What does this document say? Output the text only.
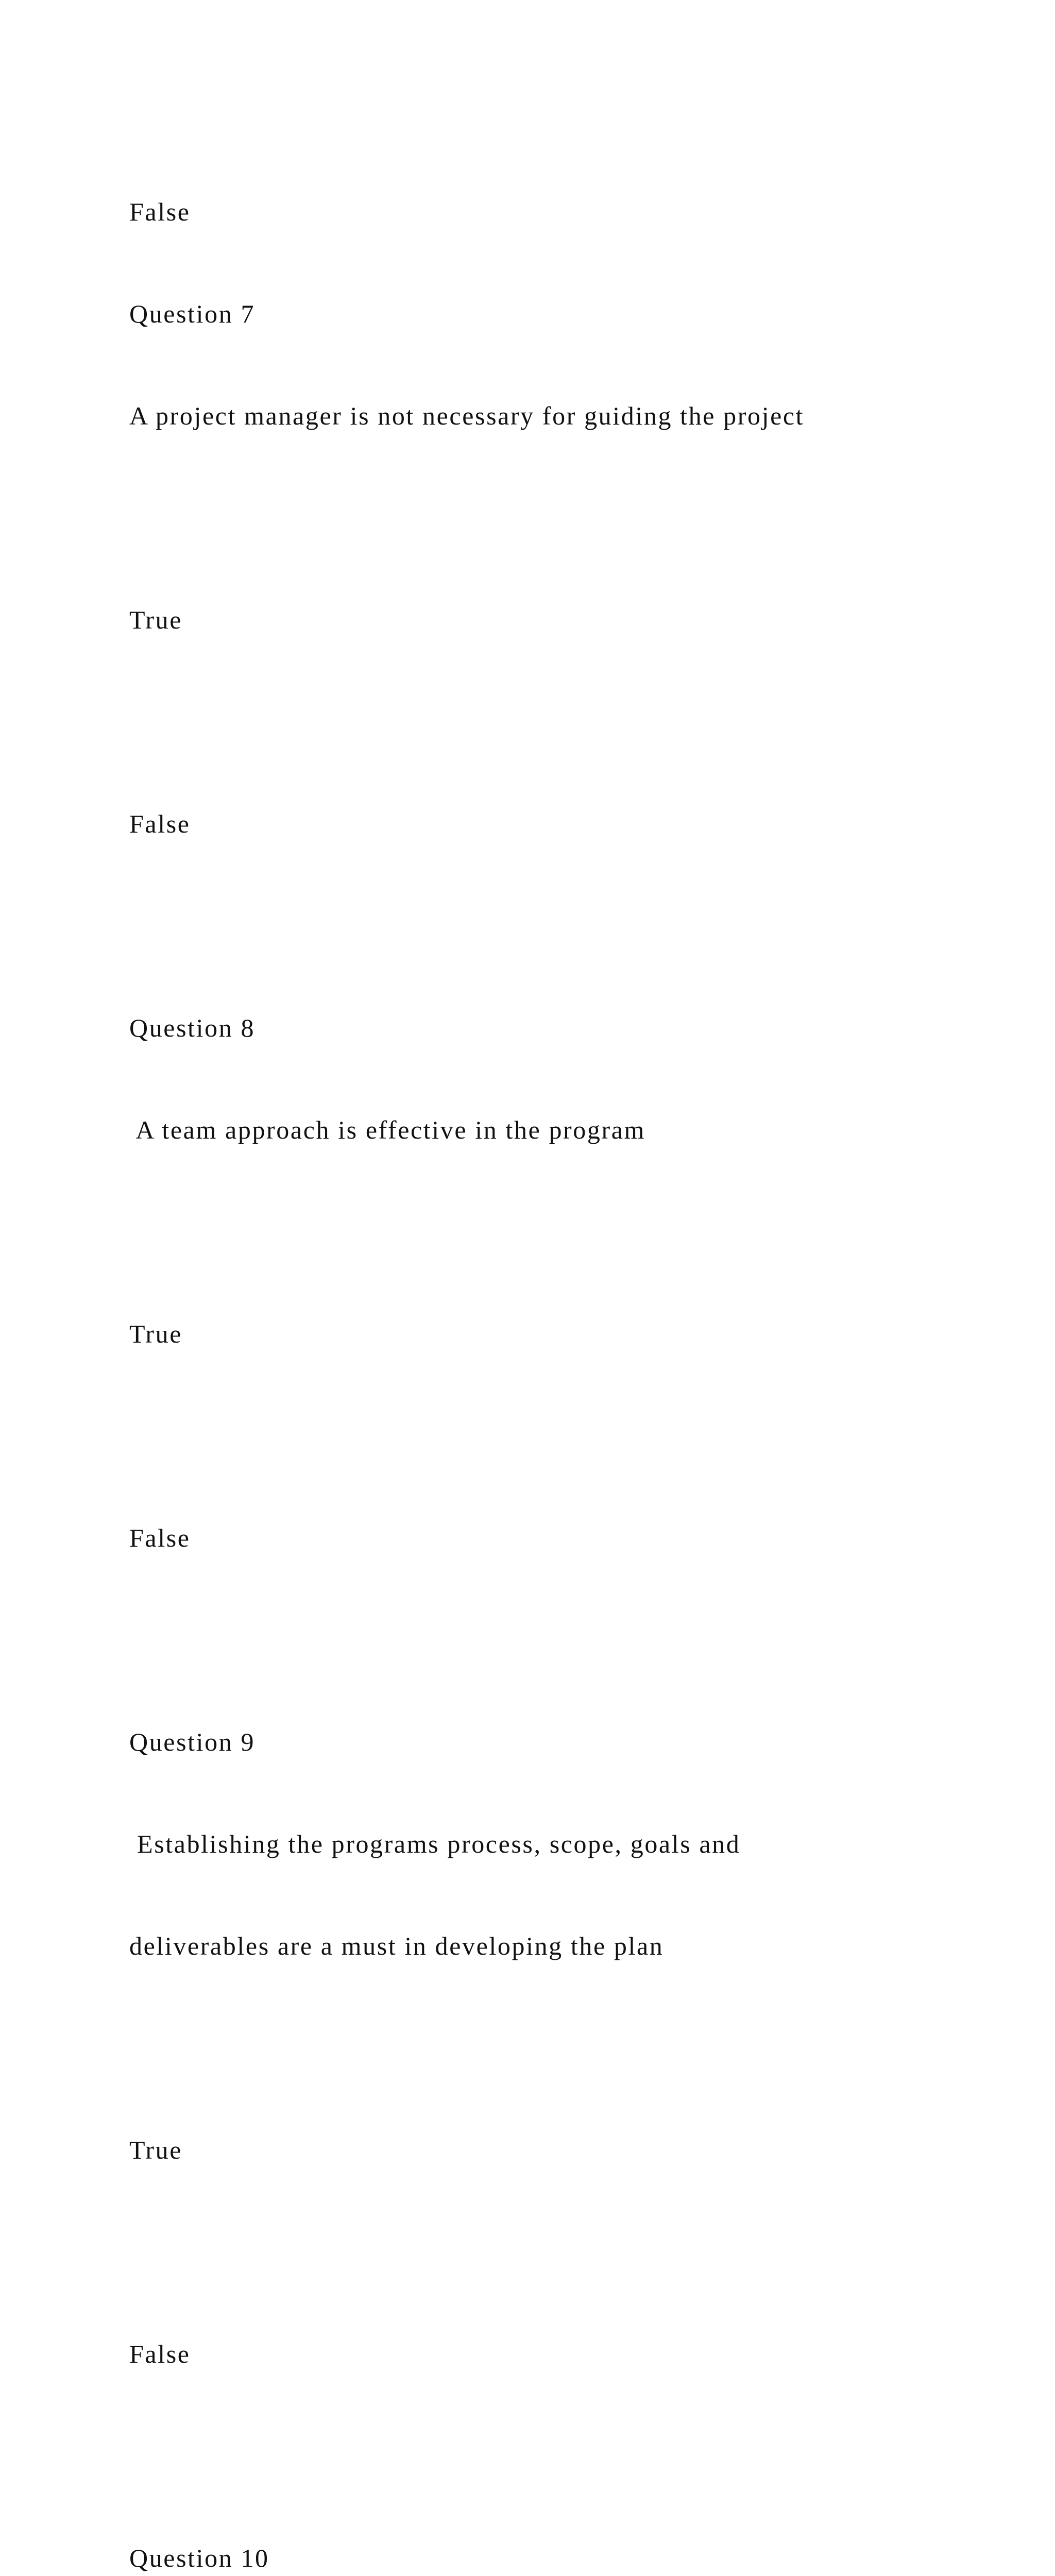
False

Question 7

A project manager is not necessary for guiding the project

True

False

Question 8

A team approach is effective in the program

True

False

Question 9

Establishing the programs process, scope, goals and

deliverables are a must in developing the plan

True

False

Question 10
